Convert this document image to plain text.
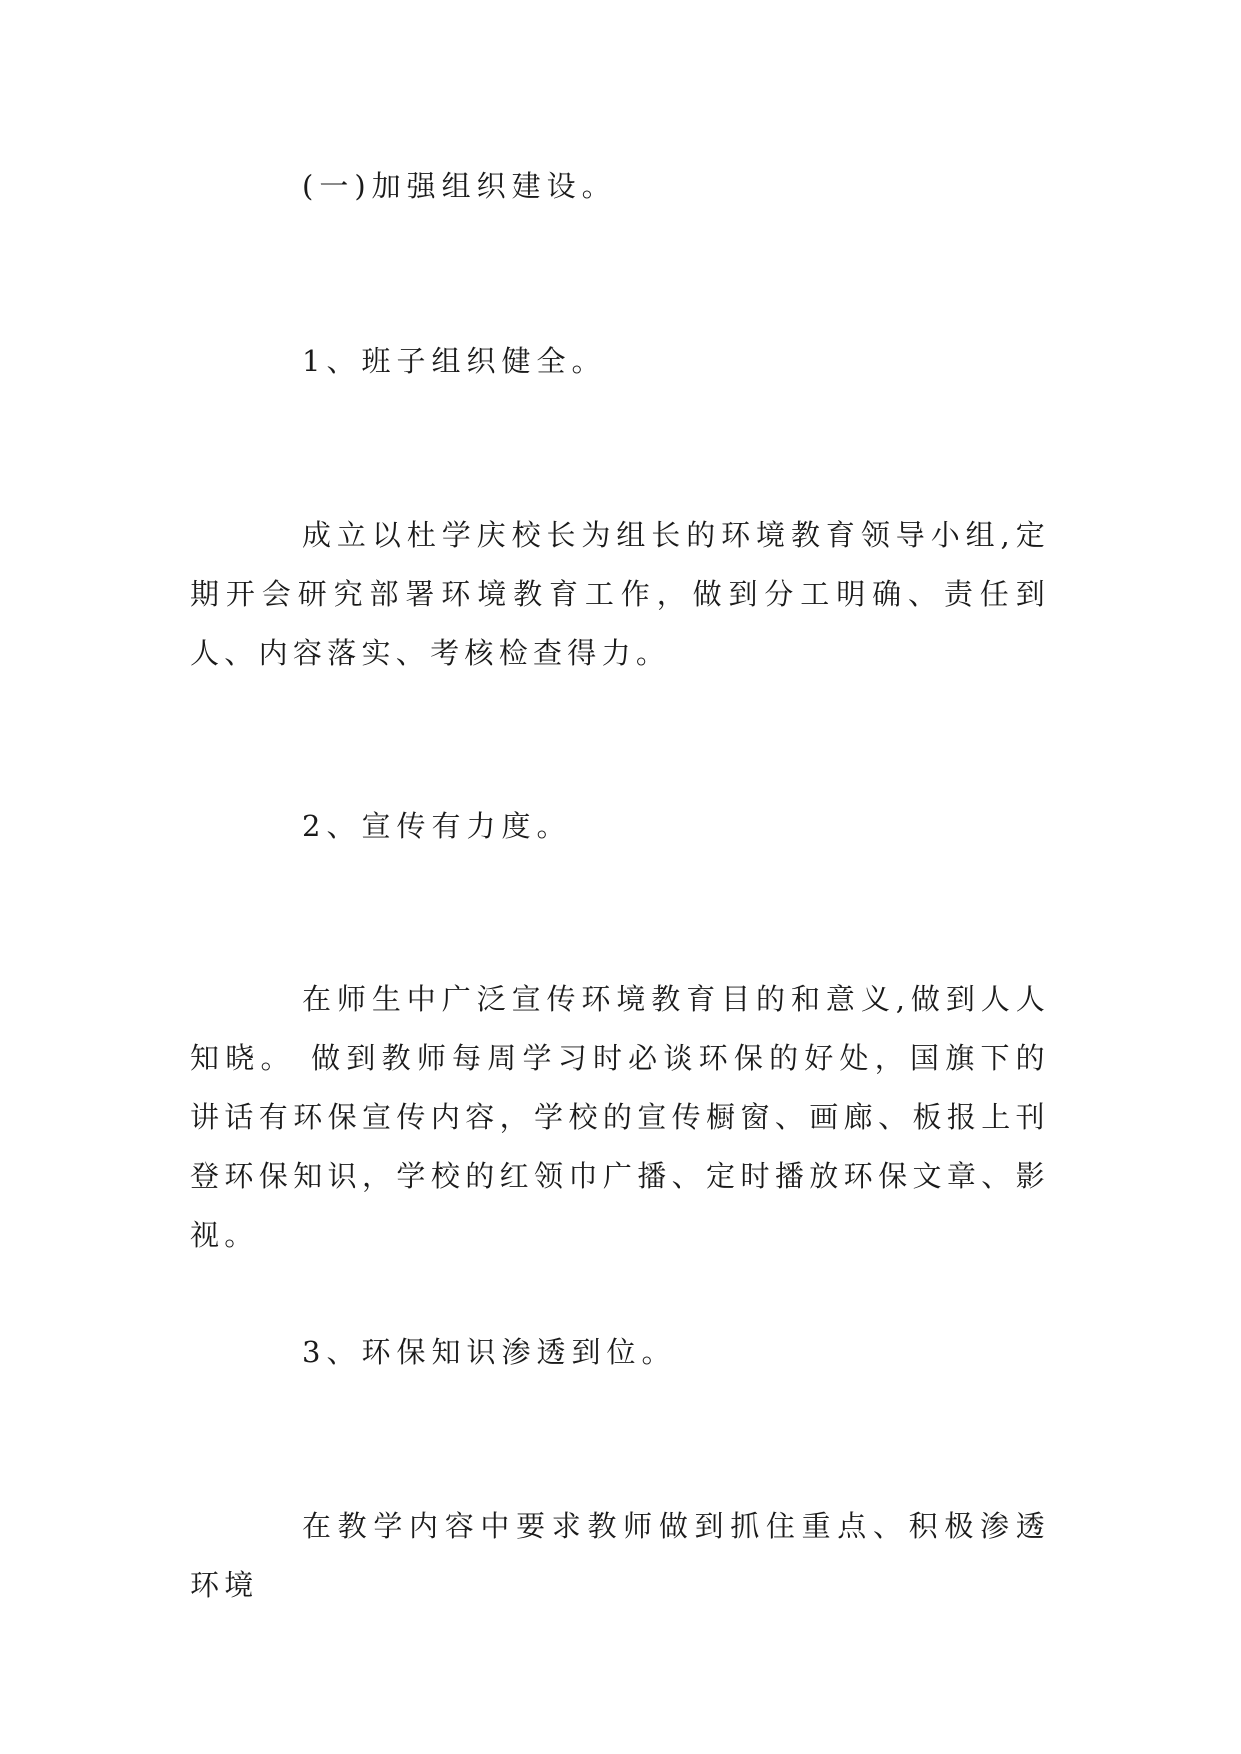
(一)加强组织建设。
1、班子组织健全。
成立以杜学庆校长为组长的环境教育领导小组,定期开会研究部署环境教育工作，做到分工明确、责任到人、内容落实、考核检查得力。
2、宣传有力度。
在师生中广泛宣传环境教育目的和意义,做到人人知晓。 做到教师每周学习时必谈环保的好处，国旗下的讲话有环保宣传内容，学校的宣传橱窗、画廊、板报上刊登环保知识，学校的红领巾广播、定时播放环保文章、影视。
3、环保知识渗透到位。
在教学内容中要求教师做到抓住重点、积极渗透环境
